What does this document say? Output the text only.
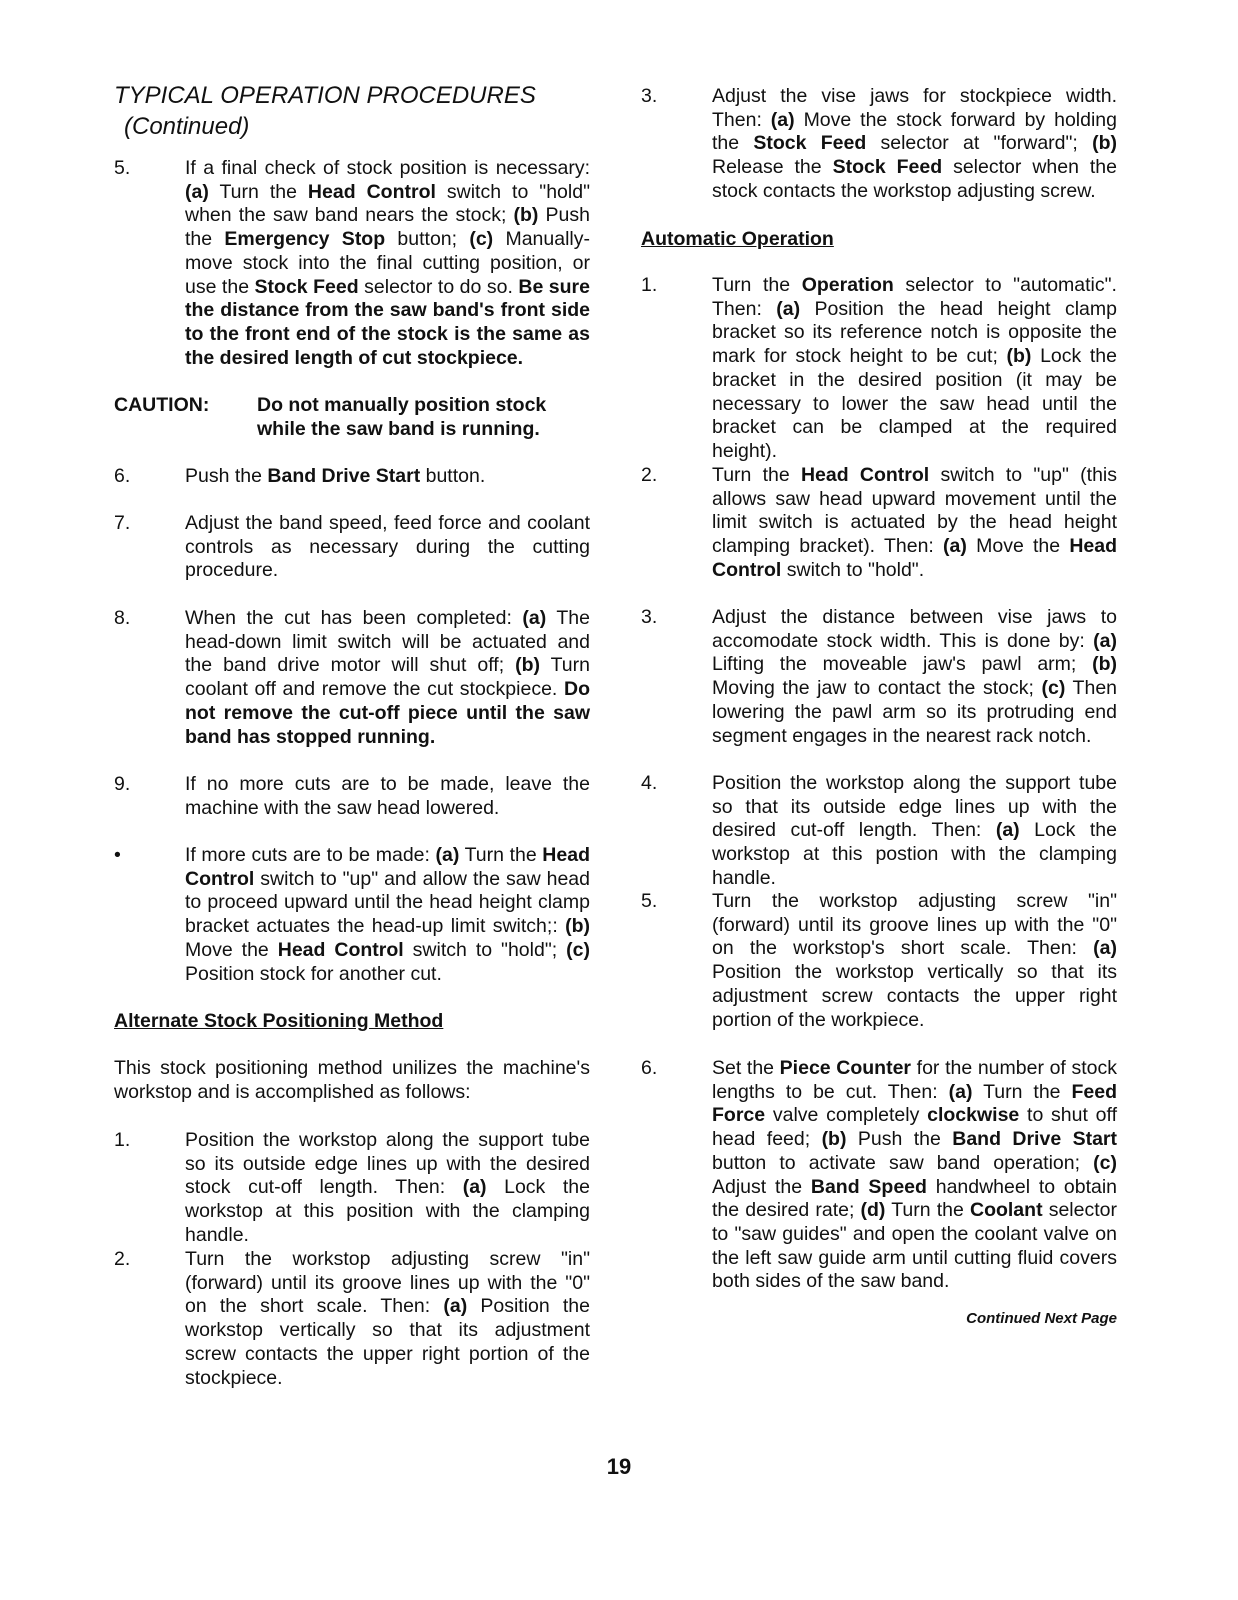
TYPICAL OPERATION PROCEDURES
(Continued)
5.	If a final check of stock position is necessary: (a) Turn the Head Control switch to "hold" when the saw band nears the stock; (b) Push the Emergency Stop button; (c) Manually-move stock into the final cutting position, or use the Stock Feed selector to do so. Be sure the distance from the saw band's front side to the front end of the stock is the same as the desired length of cut stockpiece.
CAUTION: Do not manually position stock while the saw band is running.
6.	Push the Band Drive Start button.
7.	Adjust the band speed, feed force and coolant controls as necessary during the cutting procedure.
8.	When the cut has been completed: (a) The head-down limit switch will be actuated and the band drive motor will shut off; (b) Turn coolant off and remove the cut stockpiece. Do not remove the cut-off piece until the saw band has stopped running.
9.	If no more cuts are to be made, leave the machine with the saw head lowered.
•	If more cuts are to be made: (a) Turn the Head Control switch to "up" and allow the saw head to proceed upward until the head height clamp bracket actuates the head-up limit switch;: (b) Move the Head Control switch to "hold"; (c) Position stock for another cut.
Alternate Stock Positioning Method
This stock positioning method unilizes the machine's workstop and is accomplished as follows:
1.	Position the workstop along the support tube so its outside edge lines up with the desired stock cut-off length. Then: (a) Lock the workstop at this position with the clamping handle.
2.	Turn the workstop adjusting screw "in" (forward) until its groove lines up with the "0" on the short scale. Then: (a) Position the workstop vertically so that its adjustment screw contacts the upper right portion of the stockpiece.
3.	Adjust the vise jaws for stockpiece width. Then: (a) Move the stock forward by holding the Stock Feed selector at "forward"; (b) Release the Stock Feed selector when the stock contacts the workstop adjusting screw.
Automatic Operation
1.	Turn the Operation selector to "automatic". Then: (a) Position the head height clamp bracket so its reference notch is opposite the mark for stock height to be cut; (b) Lock the bracket in the desired position (it may be necessary to lower the saw head until the bracket can be clamped at the required height).
2.	Turn the Head Control switch to "up" (this allows saw head upward movement until the limit switch is actuated by the head height clamping bracket). Then: (a) Move the Head Control switch to "hold".
3.	Adjust the distance between vise jaws to accomodate stock width. This is done by: (a) Lifting the moveable jaw's pawl arm; (b) Moving the jaw to contact the stock; (c) Then lowering the pawl arm so its protruding end segment engages in the nearest rack notch.
4.	Position the workstop along the support tube so that its outside edge lines up with the desired cut-off length. Then: (a) Lock the workstop at this postion with the clamping handle.
5.	Turn the workstop adjusting screw "in" (forward) until its groove lines up with the "0" on the workstop's short scale. Then: (a) Position the workstop vertically so that its adjustment screw contacts the upper right portion of the workpiece.
6.	Set the Piece Counter for the number of stock lengths to be cut. Then: (a) Turn the Feed Force valve completely clockwise to shut off head feed; (b) Push the Band Drive Start button to activate saw band operation; (c) Adjust the Band Speed handwheel to obtain the desired rate; (d) Turn the Coolant selector to "saw guides" and open the coolant valve on the left saw guide arm until cutting fluid covers both sides of the saw band.
Continued Next Page
19
